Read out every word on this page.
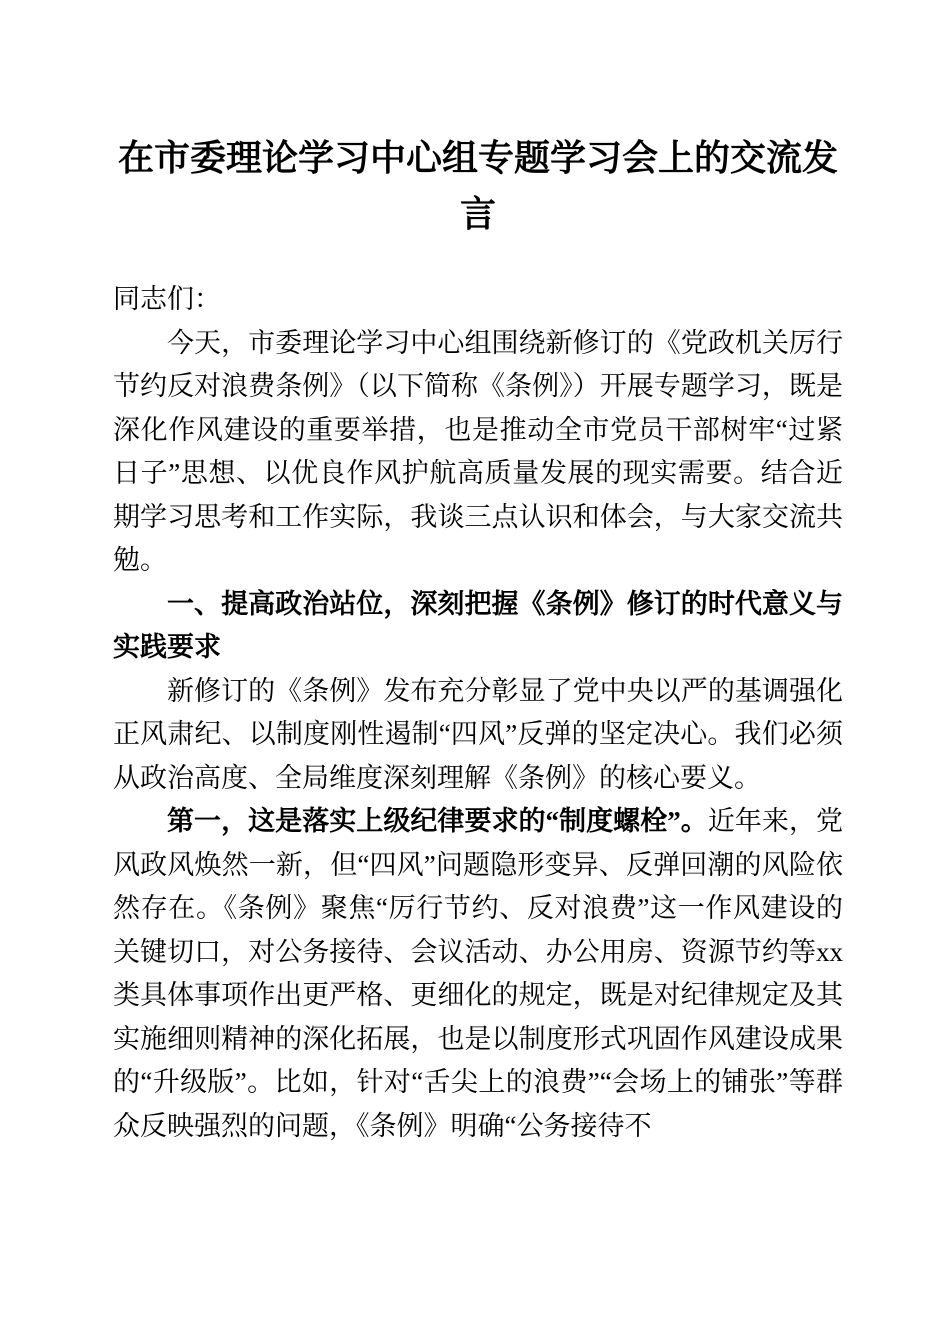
在市委理论学习中心组专题学习会上的交流发言

同志们：

今天，市委理论学习中心组围绕新修订的《党政机关厉行节约反对浪费条例》（以下简称《条例》）开展专题学习，既是深化作风建设的重要举措，也是推动全市党员干部树牢“过紧日子”思想、以优良作风护航高质量发展的现实需要。结合近期学习思考和工作实际，我谈三点认识和体会，与大家交流共勉。

一、提高政治站位，深刻把握《条例》修订的时代意义与实践要求

新修订的《条例》发布充分彰显了党中央以严的基调强化正风肃纪、以制度刚性遏制“四风”反弹的坚定决心。我们必须从政治高度、全局维度深刻理解《条例》的核心要义。

第一，这是落实上级纪律要求的“制度螺栓”。近年来，党风政风焕然一新，但“四风”问题隐形变异、反弹回潮的风险依然存在。《条例》聚焦“厉行节约、反对浪费”这一作风建设的关键切口，对公务接待、会议活动、办公用房、资源节约等xx类具体事项作出更严格、更细化的规定，既是对纪律规定及其实施细则精神的深化拓展，也是以制度形式巩固作风建设成果的“升级版”。比如，针对“舌尖上的浪费”“会场上的铺张”等群众反映强烈的问题，《条例》明确“公务接待不
